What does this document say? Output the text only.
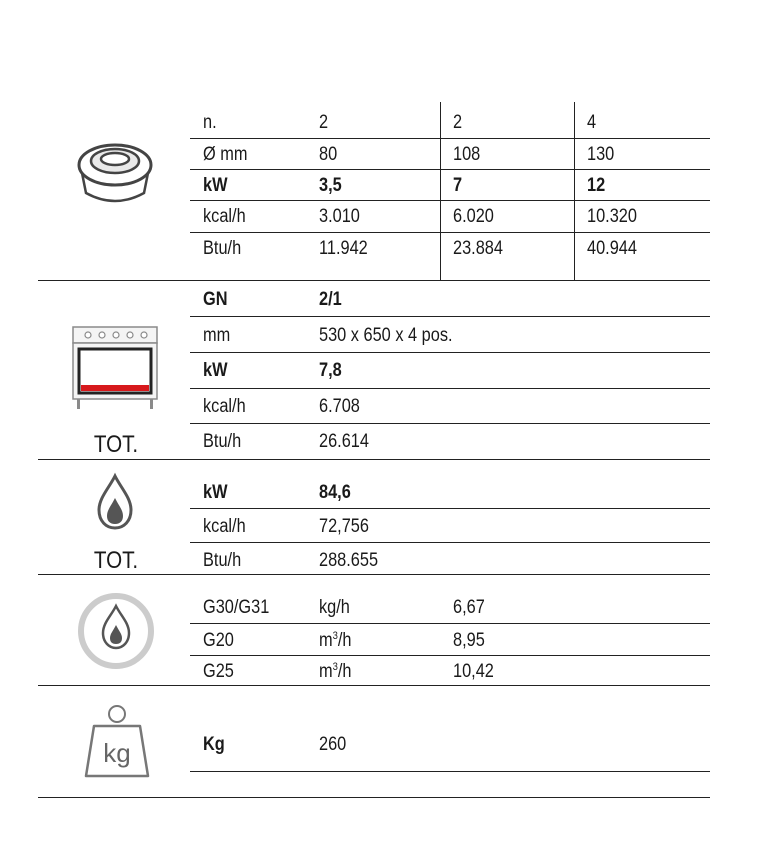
n.	2	2	4
Ø mm	80	108	130
kW	3,5	7	12
kcal/h	3.010	6.020	10.320
Btu/h	11.942	23.884	40.944
TOT.
GN	2/1
mm	530 x 650 x 4 pos.
kW	7,8
kcal/h	6.708
Btu/h	26.614
TOT.
kW	84,6
kcal/h	72,756
Btu/h	288.655
G30/G31	kg/h	6,67
G20	$m^3/h$	8,95
G25	$m^3/h$	10,42
kg	Kg	260
